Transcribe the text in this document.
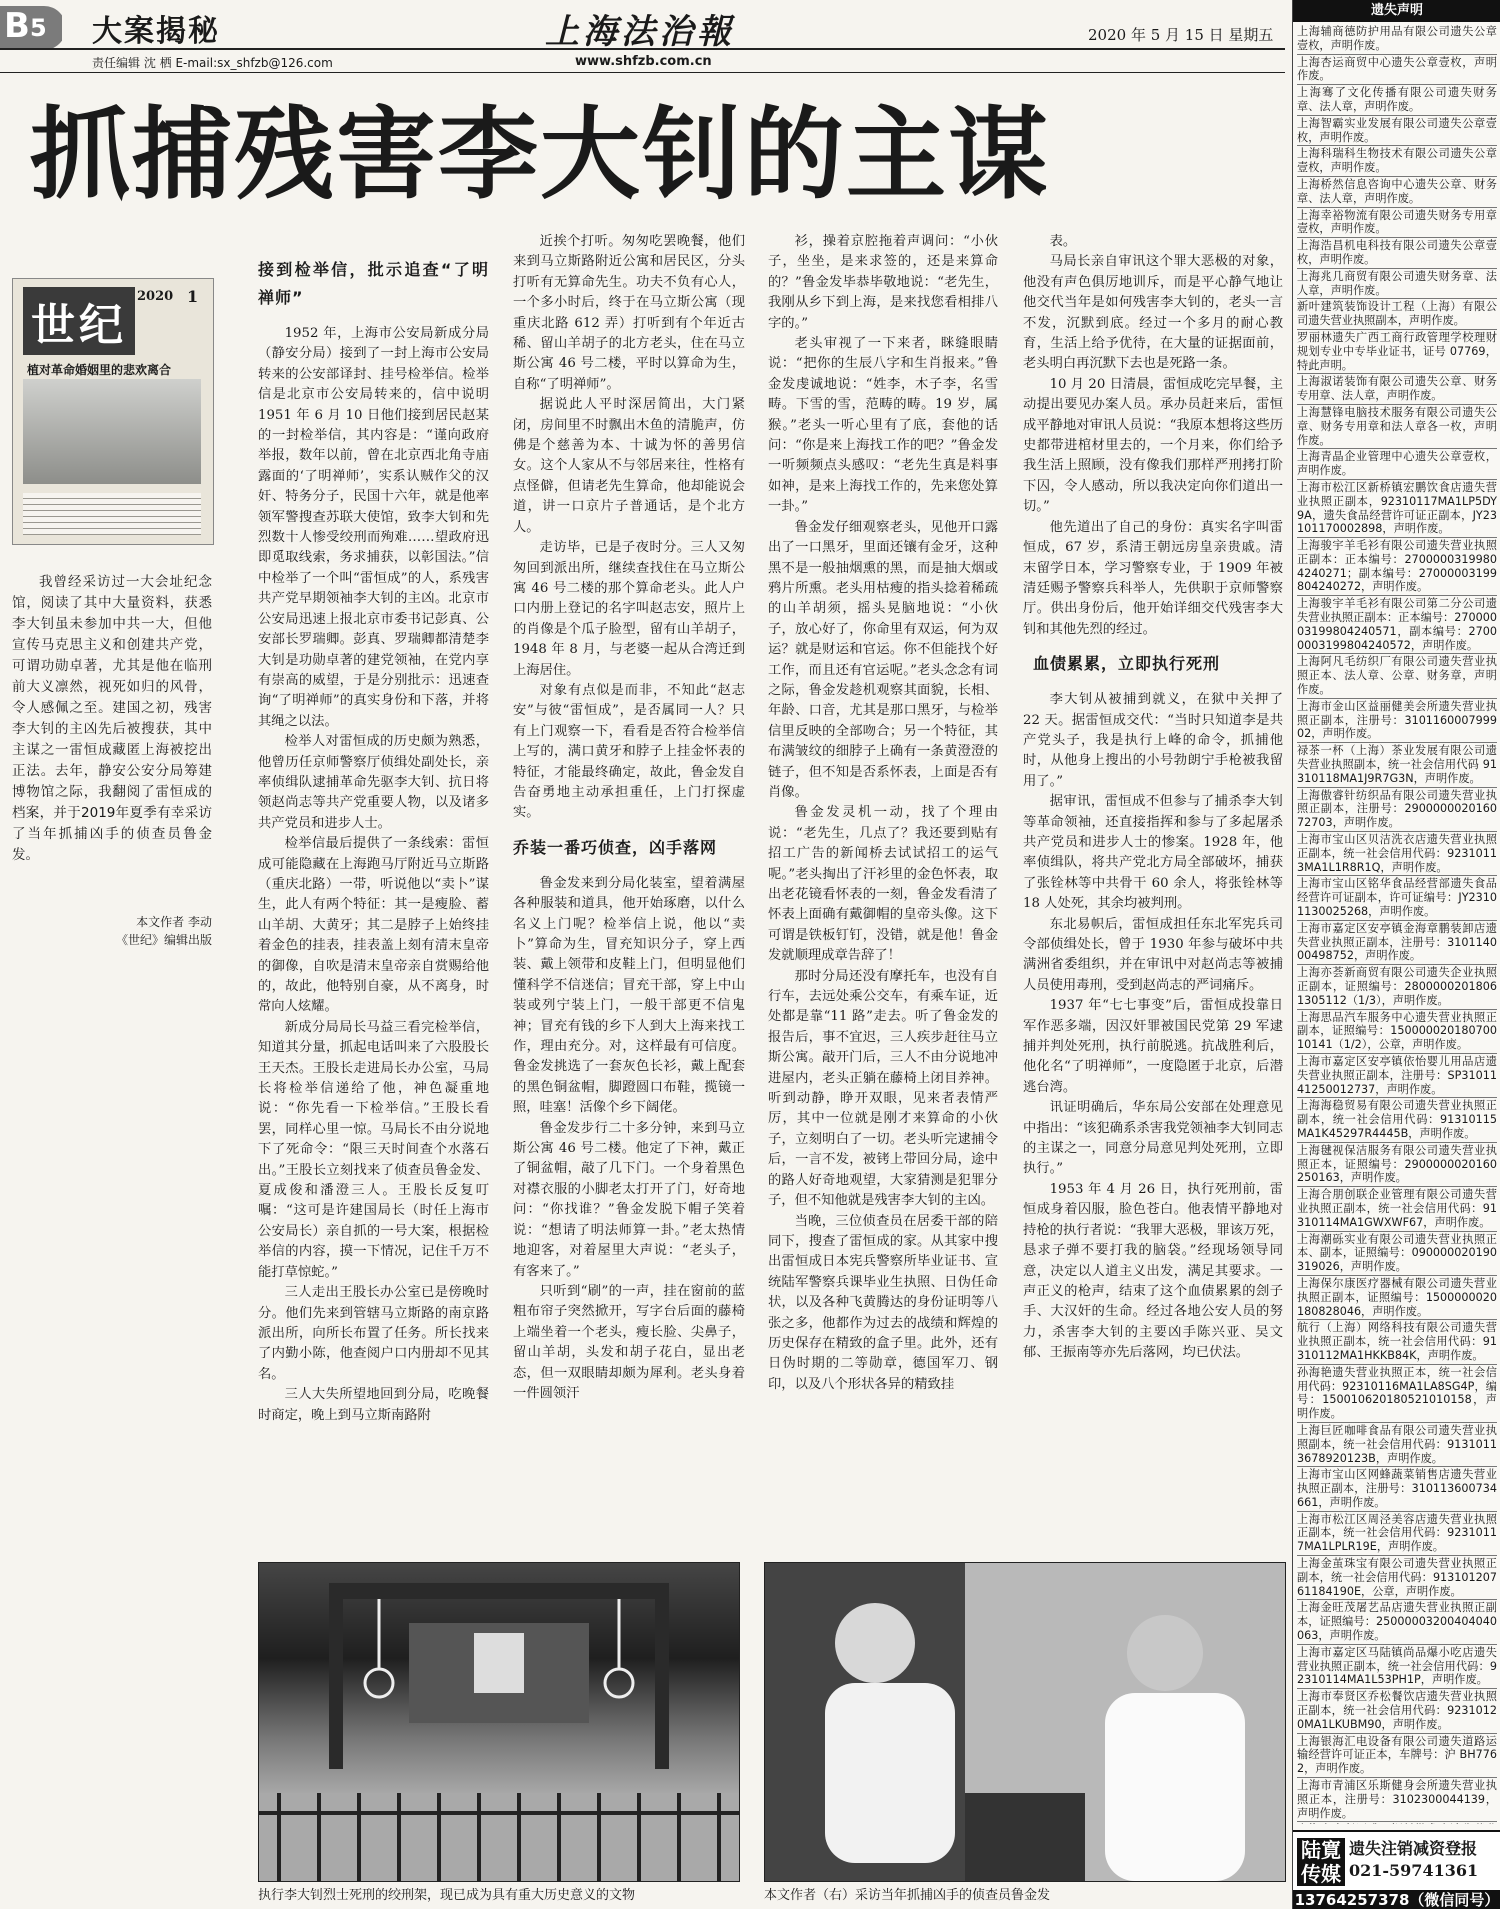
B 5 大案揭秘
责任编辑 沈 栖 E-mail:sx_shfzb@126.com
上海法治報
www.shfzb.com.cn
2020 年 5 月 15 日 星期五
抓捕残害李大钊的主谋
世纪
2020 1
植对革命婚姻里的悲欢离合
我曾经采访过一大会址纪念馆，阅读了其中大量资料，获悉李大钊虽未参加中共一大，但他宣传马克思主义和创建共产党，可谓功勋卓著，尤其是他在临刑前大义凛然，视死如归的风骨，令人感佩之至。建国之初，残害李大钊的主凶先后被搜获，其中主谋之一雷恒成藏匿上海被挖出正法。去年，静安公安分局筹建博物馆之际，我翻阅了雷恒成的档案，并于2019年夏季有幸采访了当年抓捕凶手的侦查员鲁金发。
本文作者 李动
《世纪》编辑出版
接到检举信，批示追查“了明禅师”

1952 年，上海市公安局新成分局（静安分局）接到了一封上海市公安局转来的公安部译封、挂号检举信。检举信是北京市公安局转来的，信中说明 1951 年 6 月 10 日他们接到居民赵某的一封检举信，其内容是：“谨向政府举报，数年以前，曾在北京西北角寺庙露面的‘了明禅师’，实系认贼作父的汉奸、特务分子，民国十六年，就是他率领军警搜查苏联大使馆，致李大钊和先烈数十人惨受绞刑而殉难……望政府迅即觅取线索，务求捕获，以彰国法。”信中检举了一个叫“雷恒成”的人，系残害共产党早期领袖李大钊的主凶。北京市公安局迅速上报北京市委书记彭真、公安部长罗瑞卿。彭真、罗瑞卿都清楚李大钊是功勋卓著的建党领袖，在党内享有崇高的威望，于是分别批示：迅速查询“了明禅师”的真实身份和下落，并将其绳之以法。

检举人对雷恒成的历史颇为熟悉，他曾历任京师警察厅侦缉处副处长，亲率侦缉队逮捕革命先驱李大钊、抗日将领赵尚志等共产党重要人物，以及诸多共产党员和进步人士。

检举信最后提供了一条线索：雷恒成可能隐藏在上海跑马厅附近马立斯路（重庆北路）一带，听说他以“卖卜”谋生，此人有两个特征：其一是瘦脸、蓄山羊胡、大黄牙；其二是脖子上始终挂着金色的挂表，挂表盖上刻有清末皇帝的御像，自吹是清末皇帝亲自赏赐给他的，故此，他特别自豪，从不离身，时常向人炫耀。

新成分局局长马益三看完检举信，知道其分量，抓起电话叫来了六股股长王天杰。王股长走进局长办公室，马局长将检举信递给了他，神色凝重地说：“你先看一下检举信。”王股长看罢，同样心里一惊。马局长不由分说地下了死命令：“限三天时间查个水落石出。”王股长立刻找来了侦查员鲁金发、夏成俊和潘澄三人。王股长反复叮嘱：“这可是许建国局长（时任上海市公安局长）亲自抓的一号大案，根据检举信的内容，摸一下情况，记住千万不能打草惊蛇。”

三人走出王股长办公室已是傍晚时分。他们先来到管辖马立斯路的南京路派出所，向所长布置了任务。所长找来了内勤小陈，他查阅户口内册却不见其名。

三人大失所望地回到分局，吃晚餐时商定，晚上到马立斯南路附

近挨个打听。匆匆吃罢晚餐，他们来到马立斯路附近公寓和居民区，分头打听有无算命先生。功夫不负有心人，一个多小时后，终于在马立斯公寓（现重庆北路 612 弄）打听到有个年近古稀、留山羊胡子的北方老头，住在马立斯公寓 46 号二楼，平时以算命为生，自称“了明禅师”。

据说此人平时深居简出，大门紧闭，房间里不时飘出木鱼的清脆声，仿佛是个慈善为本、十诚为怀的善男信女。这个人家从不与邻居来往，性格有点怪僻，但请老先生算命，他却能说会道，讲一口京片子普通话，是个北方人。

走访毕，已是子夜时分。三人又匆匆回到派出所，继续查找住在马立斯公寓 46 号二楼的那个算命老头。此人户口内册上登记的名字叫赵志安，照片上的肖像是个瓜子脸型，留有山羊胡子，1948 年 8 月，与老婆一起从合湾迁到上海居住。

对象有点似是而非，不知此“赵志安”与彼“雷恒成”，是否属同一人？只有上门观察一下，看看是否符合检举信上写的，满口黄牙和脖子上挂金怀表的特征，才能最终确定，故此，鲁金发自告奋勇地主动承担重任，上门打探虚实。

乔装一番巧侦查，凶手落网

鲁金发来到分局化装室，望着满屋各种服装和道具，他开始琢磨，以什么名义上门呢？检举信上说，他以“卖卜”算命为生，冒充知识分子，穿上西装、戴上领带和皮鞋上门，但明显他们懂科学不信迷信；冒充干部，穿上中山装或列宁装上门，一般干部更不信鬼神；冒充有钱的乡下人到大上海来找工作，理由充分。对，这样最有可信度。鲁金发挑选了一套灰色长衫，戴上配套的黑色铜盆帽，脚蹬圆口布鞋，揽镜一照，哇塞！活像个乡下阔佬。

鲁金发步行二十多分钟，来到马立斯公寓 46 号二楼。他定了下神，戴正了铜盆帽，敲了几下门。一个身着黑色对襟衣服的小脚老太打开了门，好奇地问：“你找谁？”鲁金发脱下帽子笑着说：“想请了明法师算一卦。”老太热情地迎客，对着屋里大声说：“老头子，有客来了。”

只听到“刷”的一声，挂在窗前的蓝粗布帘子突然掀开，写字台后面的藤椅上端坐着一个老头，瘦长脸、尖鼻子，留山羊胡，头发和胡子花白，显出老态，但一双眼睛却颇为犀利。老头身着一件圆领汗

衫，操着京腔拖着声调问：“小伙子，坐坐，是来求签的，还是来算命的？”鲁金发毕恭毕敬地说：“老先生，我刚从乡下到上海，是来找您看相排八字的。”

老头审视了一下来者，眯缝眼睛说：“把你的生辰八字和生肖报来。”鲁金发虔诚地说：“姓李，木子李，名雪畴。下雪的雪，范畴的畴。19 岁，属猴。”老头一听心里有了底，套他的话问：“你是来上海找工作的吧？”鲁金发一听频频点头感叹：“老先生真是料事如神，是来上海找工作的，先来您处算一卦。”

鲁金发仔细观察老头，见他开口露出了一口黑牙，里面还镶有金牙，这种黑不是一般抽烟熏的黑，而是抽大烟或鸦片所熏。老头用枯瘦的指头捻着稀疏的山羊胡须，摇头晃脑地说：“小伙子，放心好了，你命里有双运，何为双运？就是财运和官运。你不但能找个好工作，而且还有官运呢。”老头念念有词之际，鲁金发趁机观察其面貌，长相、年龄、口音，尤其是那口黑牙，与检举信里反映的全部吻合；另一个特征，其布满皱纹的细脖子上确有一条黄澄澄的链子，但不知是否系怀表，上面是否有肖像。

鲁金发灵机一动，找了个理由说：“老先生，几点了？我还要到贴有招工广告的新闻桥去试试招工的运气呢。”老头掏出了汗衫里的金色怀表，取出老花镜看怀表的一刻，鲁金发看清了怀表上面确有戴御帽的皇帝头像。这下可谓是铁板钉钉，没错，就是他！鲁金发就顺理成章告辞了！

那时分局还没有摩托车，也没有自行车，去远处乘公交车，有乘车证，近处都是靠“11 路”走去。听了鲁金发的报告后，事不宜迟，三人疾步赶往马立斯公寓。敲开门后，三人不由分说地冲进屋内，老头正躺在藤椅上闭目养神。听到动静，睁开双眼，见来者表情严厉，其中一位就是刚才来算命的小伙子，立刻明白了一切。老头听完逮捕令后，一言不发，被铐上带回分局，途中的路人好奇地观望，大家猜测是犯罪分子，但不知他就是残害李大钊的主凶。

当晚，三位侦查员在居委干部的陪同下，搜查了雷恒成的家。从其家中搜出雷恒成日本宪兵警察所毕业证书、宣统陆军警察兵课毕业生执照、日伪任命状，以及各种飞黄腾达的身份证明等八张之多，他都作为过去的战绩和辉煌的历史保存在精致的盒子里。此外，还有日伪时期的二等勋章，德国军刀、钢印，以及八个形状各异的精致挂

表。

马局长亲自审讯这个罪大恶极的对象，他没有声色俱厉地训斥，而是平心静气地让他交代当年是如何残害李大钊的，老头一言不发，沉默到底。经过一个多月的耐心教育，生活上给予优待，在大量的证据面前，老头明白再沉默下去也是死路一条。

10 月 20 日清晨，雷恒成吃完早餐，主动提出要见办案人员。承办员赶来后，雷恒成平静地对审讯人员说：“我原本想将这些历史都带进棺材里去的，一个月来，你们给予我生活上照顾，没有像我们那样严刑拷打阶下囚，令人感动，所以我决定向你们道出一切。”

他先道出了自己的身份：真实名字叫雷恒成，67 岁，系清王朝远房皇亲贵戚。清末留学日本，学习警察专业，于 1909 年被清廷赐予警察兵科举人，先供职于京师警察厅。供出身份后，他开始详细交代残害李大钊和其他先烈的经过。

血债累累，立即执行死刑

李大钊从被捕到就义，在狱中关押了 22 天。据雷恒成交代：“当时只知道李是共产党头子，我是执行上峰的命令，抓捕他时，从他身上搜出的小号勃朗宁手枪被我留用了。”

据审讯，雷恒成不但参与了捕杀李大钊等革命领袖，还直接指挥和参与了多起屠杀共产党员和进步人士的惨案。1928 年，他率侦缉队，将共产党北方局全部破坏，捕获了张铨林等中共骨干 60 余人，将张铨林等 18 人处死，其余均被判刑。

东北易帜后，雷恒成担任东北军宪兵司令部侦缉处长，曾于 1930 年参与破坏中共满洲省委组织，并在审讯中对赵尚志等被捕人员使用毒刑，受到赵尚志的严词痛斥。

1937 年“七七事变”后，雷恒成投靠日军作恶多端，因汉奸罪被国民党第 29 军逮捕并判处死刑，执行前脱逃。抗战胜利后，他化名“了明禅师”，一度隐匿于北京，后潜逃台湾。

讯证明确后，华东局公安部在处理意见中指出：“该犯确系杀害我党领袖李大钊同志的主谋之一，同意分局意见判处死刑，立即执行。”

1953 年 4 月 26 日，执行死刑前，雷恒成身着囚服，脸色苍白。他表情平静地对持枪的执行者说：“我罪大恶极，罪该万死，恳求子弹不要打我的脑袋。”经现场领导同意，决定以人道主义出发，满足其要求。一声正义的枪声，结束了这个血债累累的刽子手、大汉奸的生命。经过各地公安人员的努力，杀害李大钊的主要凶手陈兴亚、吴文郁、王振南等亦先后落网，均已伏法。

执行李大钊烈士死刑的绞刑架，现已成为具有重大历史意义的文物	本文作者（右）采访当年抓捕凶手的侦查员鲁金发
遗失声明
上海辅商德防护用品有限公司遗失公章壹枚，声明作废。
上海杏运商贸中心遗失公章壹枚，声明作废。
上海骞了文化传播有限公司遗失财务章、法人章，声明作废。
上海智霸实业发展有限公司遗失公章壹枚，声明作废。
上海科瑞科生物技术有限公司遗失公章壹枚，声明作废。
上海桥然信息咨询中心遗失公章、财务章、法人章，声明作废。
上海幸裕物流有限公司遗失财务专用章壹枚，声明作废。
上海浩昌机电科技有限公司遗失公章壹枚，声明作废。
上海兆几商贸有限公司遗失财务章、法人章，声明作废。
新叶建筑装饰设计工程（上海）有限公司遗失营业执照副本，声明作废。
罗丽林遗失广西工商行政管理学校理财规划专业中专毕业证书，证号 07769，特此声明。
上海淑诺装饰有限公司遗失公章、财务专用章、法人章，声明作废。
上海慧锋电脑技术服务有限公司遗失公章、财务专用章和法人章各一枚，声明作废。
上海青晶企业管理中心遗失公章壹枚，声明作废。
上海市松江区新桥镇宏鹏饮食店遗失营业执照正副本，92310117MA1LP5DY9A，遗失食品经营许可证正副本，JY23101170002898，声明作废。
上海骏宇羊毛衫有限公司遗失营业执照正副本：正本编号：27000003199804240271；副本编号：27000003199804240272，声明作废。
上海骏宇羊毛衫有限公司第二分公司遗失营业执照正副本：正本编号：27000003199804240571，副本编号：27000003199804240572，声明作废。
上海阿凡毛纺织厂有限公司遗失营业执照正本、法人章、公章、财务章，声明作废。
上海市金山区益丽健美会所遗失营业执照正副本，注册号：310116000799902，声明作废。
禄茶一杯（上海）茶业发展有限公司遗失营业执照副本，统一社会信用代码 91310118MA1J9R7G3N，声明作废。
上海傲睿针纺织品有限公司遗失营业执照正副本，注册号：290000002016072703，声明作废。
上海市宝山区贝洁洗衣店遗失营业执照正副本，统一社会信用代码：92310113MA1L1R8R1Q，声明作废。
上海市宝山区铭华食品经营部遗失食品经营许可证副本，许可证编号：JY23101130025268，声明作废。
上海市嘉定区安亭镇金海章鹏装卸店遗失营业执照正副本，注册号：310114000498752，声明作废。
上海亦荟新商贸有限公司遗失企业执照正副本，证照编号：28000002018061305112（1/3），声明作废。
上海思品汽车服务中心遗失营业执照正副本，证照编号：15000002018070010141（1/2），公章，声明作废。
上海市嘉定区安亭镇依怡婴儿用品店遗失营业执照正副本，注册号：SP3101141250012737，声明作废。
上海海稳贸易有限公司遗失营业执照正副本，统一社会信用代码：91310115MA1K45297R4445B，声明作废。
上海毽视保洁服务有限公司遗失营业执照正本，证照编号：2900000020160250163，声明作废。
上海合朋创联企业管理有限公司遗失营业执照正副本，统一社会信用代码：91310114MA1GWXWF67，声明作废。
上海潮砾实业有限公司遗失营业执照正本、副本，证照编号：090000020190319026，声明作废。
上海保尔康医疗器械有限公司遗失营业执照正副本，证照编号：1500000020180828046，声明作废。
航行（上海）网络科技有限公司遗失营业执照正副本，统一社会信用代码：91310112MA1HKKB84K，声明作废。
孙海艳遗失营业执照正本，统一社会信用代码：92310116MA1LA8SG4P，编号：150010620180521010158，声明作废。
上海巨匠咖啡食品有限公司遗失营业执照副本，统一社会信用代码：91310113678920123B，声明作废。
上海市宝山区网蜂蔬菜销售店遗失营业执照正副本，注册号：310113600734661，声明作废。
上海市松江区周泾美容店遗失营业执照正副本，统一社会信用代码：92310117MA1LPLR19E，声明作废。
上海金茧珠宝有限公司遗失营业执照正副本，统一社会信用代码：91310120761184190E，公章，声明作废。
上海金旺茂屠艺品店遗失营业执照正副本，证照编号：25000003200404040063，声明作废。
上海市嘉定区马陆镇尚品爆小吃店遗失营业执照正副本，统一社会信用代码：92310114MA1L53PH1P，声明作废。
上海市奉贤区乔松餐饮店遗失营业执照正副本，统一社会信用代码：92310120MA1LKUBM90，声明作废。
上海银海汇电设备有限公司遗失道路运输经营许可证正本，车牌号：沪 BH7762，声明作废。
上海市青浦区乐斯健身会所遗失营业执照正本，注册号：3102300044139，声明作废。
陆寛传媒
遗失注销减资登报
021-59741361
13764257378（微信同号）
